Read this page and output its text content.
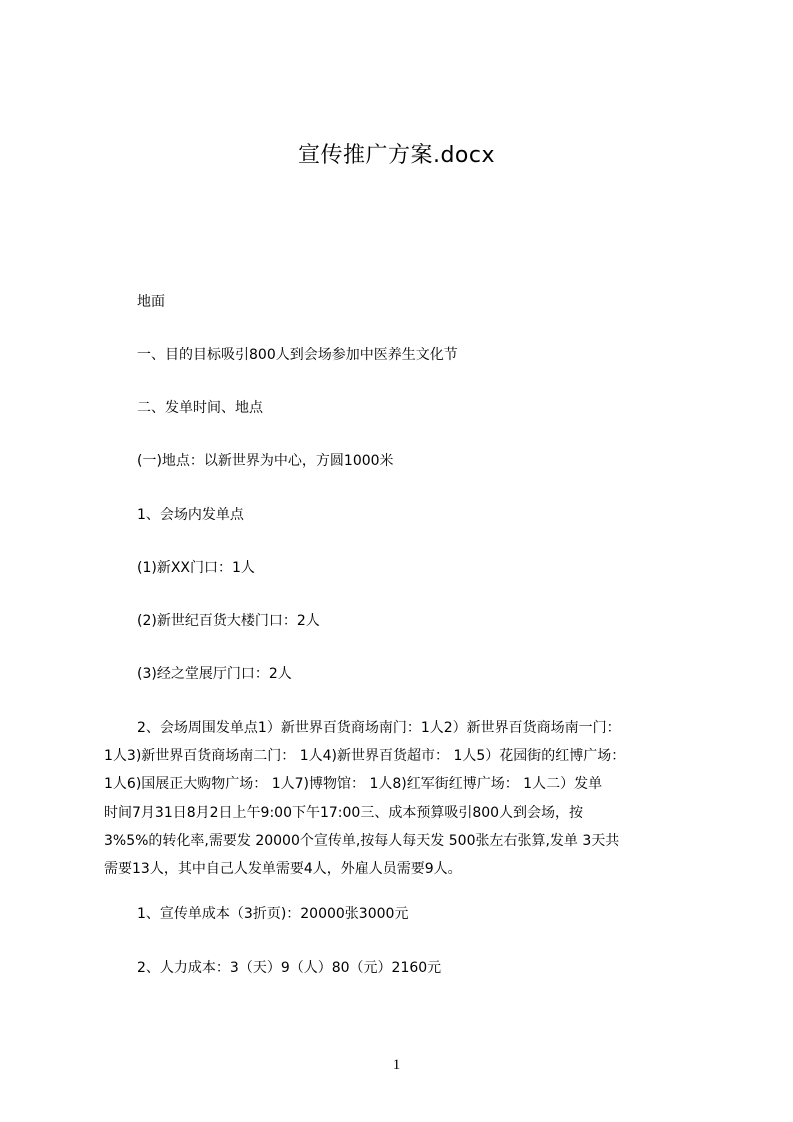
宣传推广方案.docx
地面
一、目的目标吸引800人到会场参加中医养生文化节
二、发单时间、地点
(一)地点：以新世界为中心，方圆1000米
1、会场内发单点
(1)新XX门口：1人
(2)新世纪百货大楼门口：2人
(3)经之堂展厅门口：2人
2、会场周围发单点1）新世界百货商场南门：1人2）新世界百货商场南一门：
1人3)新世界百货商场南二门： 1人4)新世界百货超市： 1人5）花园街的红博广场：
1人6)国展正大购物广场： 1人7)博物馆： 1人8)红军街红博广场： 1人二）发单
时间7月31日8月2日上午9:00下午17:00三、成本预算吸引800人到会场，按
3%5%的转化率,需要发 20000个宣传单,按每人每天发 500张左右张算,发单 3天共
需要13人，其中自己人发单需要4人，外雇人员需要9人。
1、宣传单成本（3折页)：20000张3000元
2、人力成本：3（天）9（人）80（元）2160元
1
